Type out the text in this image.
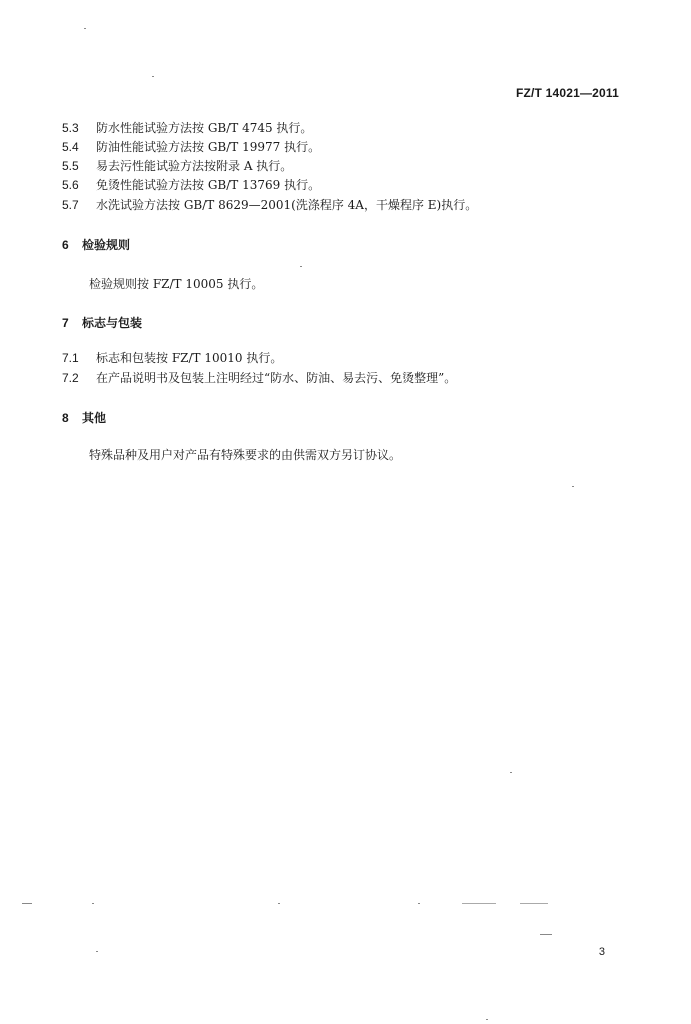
FZ/T 14021—2011
5.3 防水性能试验方法按 GB/T 4745 执行。
5.4 防油性能试验方法按 GB/T 19977 执行。
5.5 易去污性能试验方法按附录 A 执行。
5.6 免烫性能试验方法按 GB/T 13769 执行。
5.7 水洗试验方法按 GB/T 8629—2001(洗涤程序 4A，干燥程序 E)执行。
6 检验规则
检验规则按 FZ/T 10005 执行。
7 标志与包装
7.1 标志和包装按 FZ/T 10010 执行。
7.2 在产品说明书及包装上注明经过“防水、防油、易去污、免烫整理”。
8 其他
特殊品种及用户对产品有特殊要求的由供需双方另订协议。
3
